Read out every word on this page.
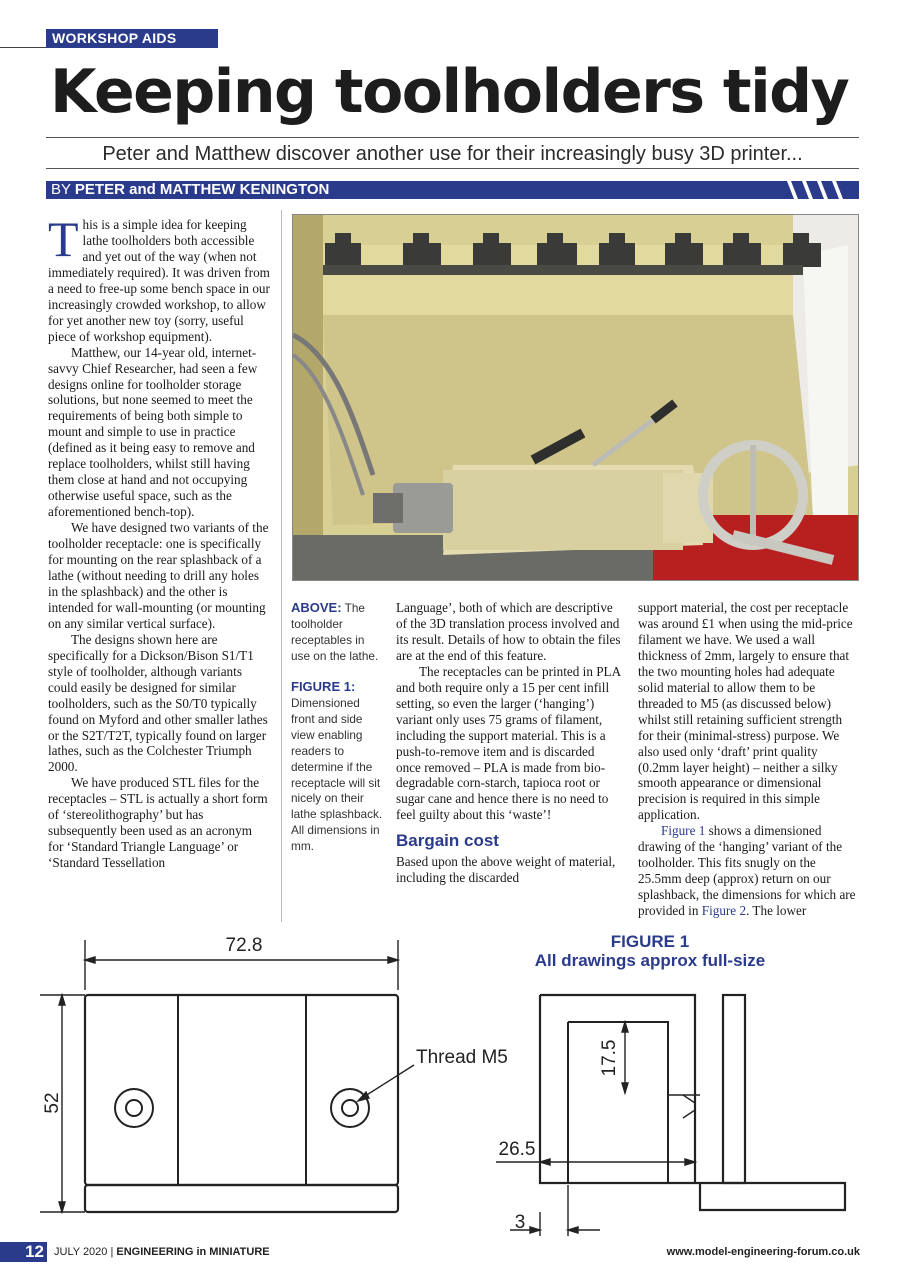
WORKSHOP AIDS
Keeping toolholders tidy
Peter and Matthew discover another use for their increasingly busy 3D printer...
BY PETER and MATTHEW KENINGTON

This is a simple idea for keeping lathe toolholders both accessible and yet out of the way (when not immediately required). It was driven from a need to free-up some bench space in our increasingly crowded workshop, to allow for yet another new toy (sorry, useful piece of workshop equipment).

Matthew, our 14-year old, internet-savvy Chief Researcher, had seen a few designs online for toolholder storage solutions, but none seemed to meet the requirements of being both simple to mount and simple to use in practice (defined as it being easy to remove and replace toolholders, whilst still having them close at hand and not occupying otherwise useful space, such as the aforementioned bench-top).

We have designed two variants of the toolholder receptacle: one is specifically for mounting on the rear splashback of a lathe (without needing to drill any holes in the splashback) and the other is intended for wall-mounting (or mounting on any similar vertical surface).

The designs shown here are specifically for a Dickson/Bison S1/T1 style of toolholder, although variants could easily be designed for similar toolholders, such as the S0/T0 typically found on Myford and other smaller lathes or the S2T/T2T, typically found on larger lathes, such as the Colchester Triumph 2000.

We have produced STL files for the receptacles – STL is actually a short form of ‘stereolithography’ but has subsequently been used as an acronym for ‘Standard Triangle Language’ or ‘Standard Tessellation

ABOVE: The toolholder receptables in use on the lathe.
FIGURE 1: Dimensioned front and side view enabling readers to determine if the receptacle will sit nicely on their lathe splashback. All dimensions in mm.

Language’, both of which are descriptive of the 3D translation process involved and its result. Details of how to obtain the files are at the end of this feature.

The receptacles can be printed in PLA and both require only a 15 per cent infill setting, so even the larger (‘hanging’) variant only uses 75 grams of filament, including the support material. This is a push-to-remove item and is discarded once removed – PLA is made from bio-degradable corn-starch, tapioca root or sugar cane and hence there is no need to feel guilty about this ‘waste’!

Bargain cost

Based upon the above weight of material, including the discarded

support material, the cost per receptacle was around £1 when using the mid-price filament we have. We used a wall thickness of 2mm, largely to ensure that the two mounting holes had adequate solid material to allow them to be threaded to M5 (as discussed below) whilst still retaining sufficient strength for their (minimal-stress) purpose. We also used only ‘draft’ print quality (0.2mm layer height) – neither a silky smooth appearance or dimensional precision is required in this simple application.

Figure 1 shows a dimensioned drawing of the ‘hanging’ variant of the toolholder. This fits snugly on the 25.5mm deep (approx) return on our splashback, the dimensions for which are provided in Figure 2. The lower

FIGURE 1
All drawings approx full-size
72.8
52
Thread M5	17.5
26.5
3
12 JULY 2020 | ENGINEERING in MINIATURE	www.model-engineering-forum.co.uk
